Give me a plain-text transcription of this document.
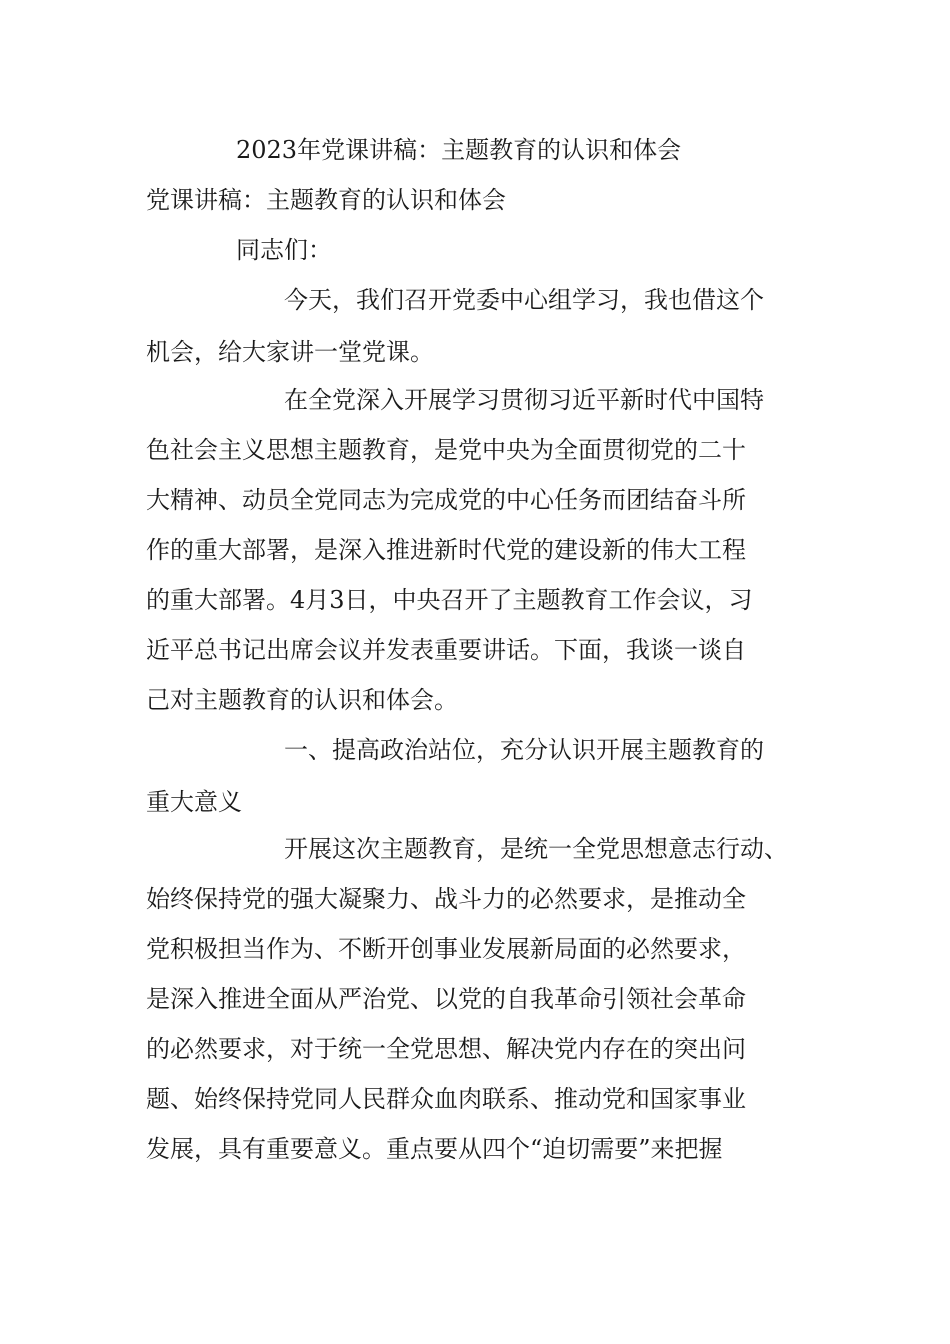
2023年党课讲稿：主题教育的认识和体会
党课讲稿：主题教育的认识和体会
同志们：
今天，我们召开党委中心组学习，我也借这个
机会，给大家讲一堂党课。
在全党深入开展学习贯彻习近平新时代中国特
色社会主义思想主题教育，是党中央为全面贯彻党的二十
大精神、动员全党同志为完成党的中心任务而团结奋斗所
作的重大部署，是深入推进新时代党的建设新的伟大工程
的重大部署。4月3日，中央召开了主题教育工作会议，习
近平总书记出席会议并发表重要讲话。下面，我谈一谈自
己对主题教育的认识和体会。
一、提高政治站位，充分认识开展主题教育的
重大意义
开展这次主题教育，是统一全党思想意志行动、
始终保持党的强大凝聚力、战斗力的必然要求，是推动全
党积极担当作为、不断开创事业发展新局面的必然要求，
是深入推进全面从严治党、以党的自我革命引领社会革命
的必然要求，对于统一全党思想、解决党内存在的突出问
题、始终保持党同人民群众血肉联系、推动党和国家事业
发展，具有重要意义。重点要从四个“迫切需要”来把握
